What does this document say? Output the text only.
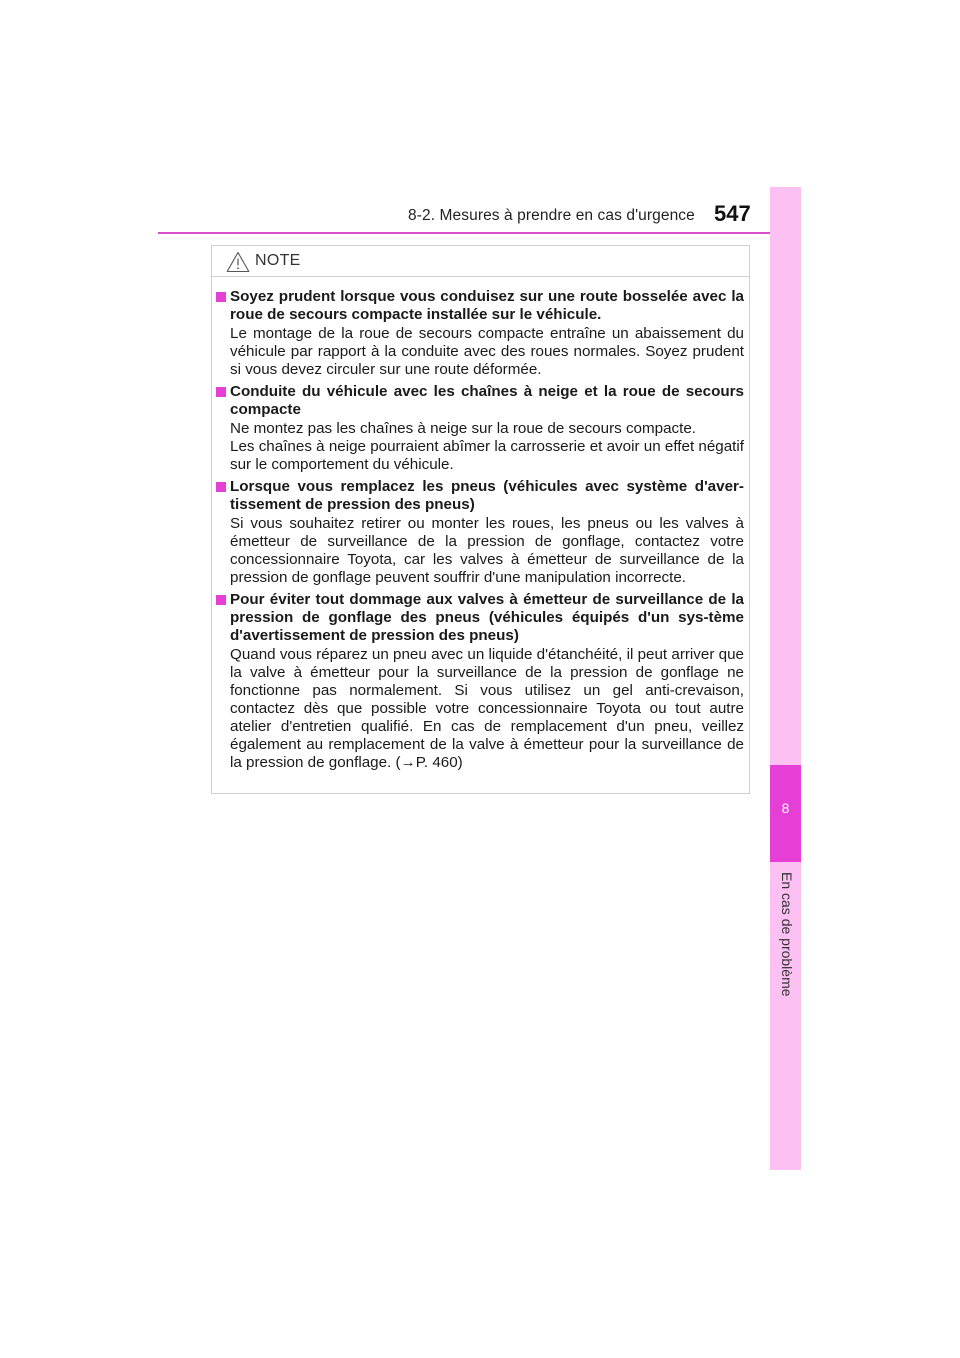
8-2. Mesures à prendre en cas d'urgence 547
8
En cas de problème
NOTE
Soyez prudent lorsque vous conduisez sur une route bosselée avec la roue de secours compacte installée sur le véhicule.

Le montage de la roue de secours compacte entraîne un abaissement du véhicule par rapport à la conduite avec des roues normales. Soyez prudent si vous devez circuler sur une route déformée.

Conduite du véhicule avec les chaînes à neige et la roue de secours compacte

Ne montez pas les chaînes à neige sur la roue de secours compacte.

Les chaînes à neige pourraient abîmer la carrosserie et avoir un effet négatif sur le comportement du véhicule.

Lorsque vous remplacez les pneus (véhicules avec système d'aver-tissement de pression des pneus)

Si vous souhaitez retirer ou monter les roues, les pneus ou les valves à émetteur de surveillance de la pression de gonflage, contactez votre concessionnaire Toyota, car les valves à émetteur de surveillance de la pression de gonflage peuvent souffrir d'une manipulation incorrecte.

Pour éviter tout dommage aux valves à émetteur de surveillance de la pression de gonflage des pneus (véhicules équipés d'un sys-tème d'avertissement de pression des pneus)

Quand vous réparez un pneu avec un liquide d'étanchéité, il peut arriver que la valve à émetteur pour la surveillance de la pression de gonflage ne fonctionne pas normalement. Si vous utilisez un gel anti-crevaison, contactez dès que possible votre concessionnaire Toyota ou tout autre atelier d'entretien qualifié. En cas de remplacement d'un pneu, veillez également au remplacement de la valve à émetteur pour la surveillance de la pression de gonflage. (→P. 460)
